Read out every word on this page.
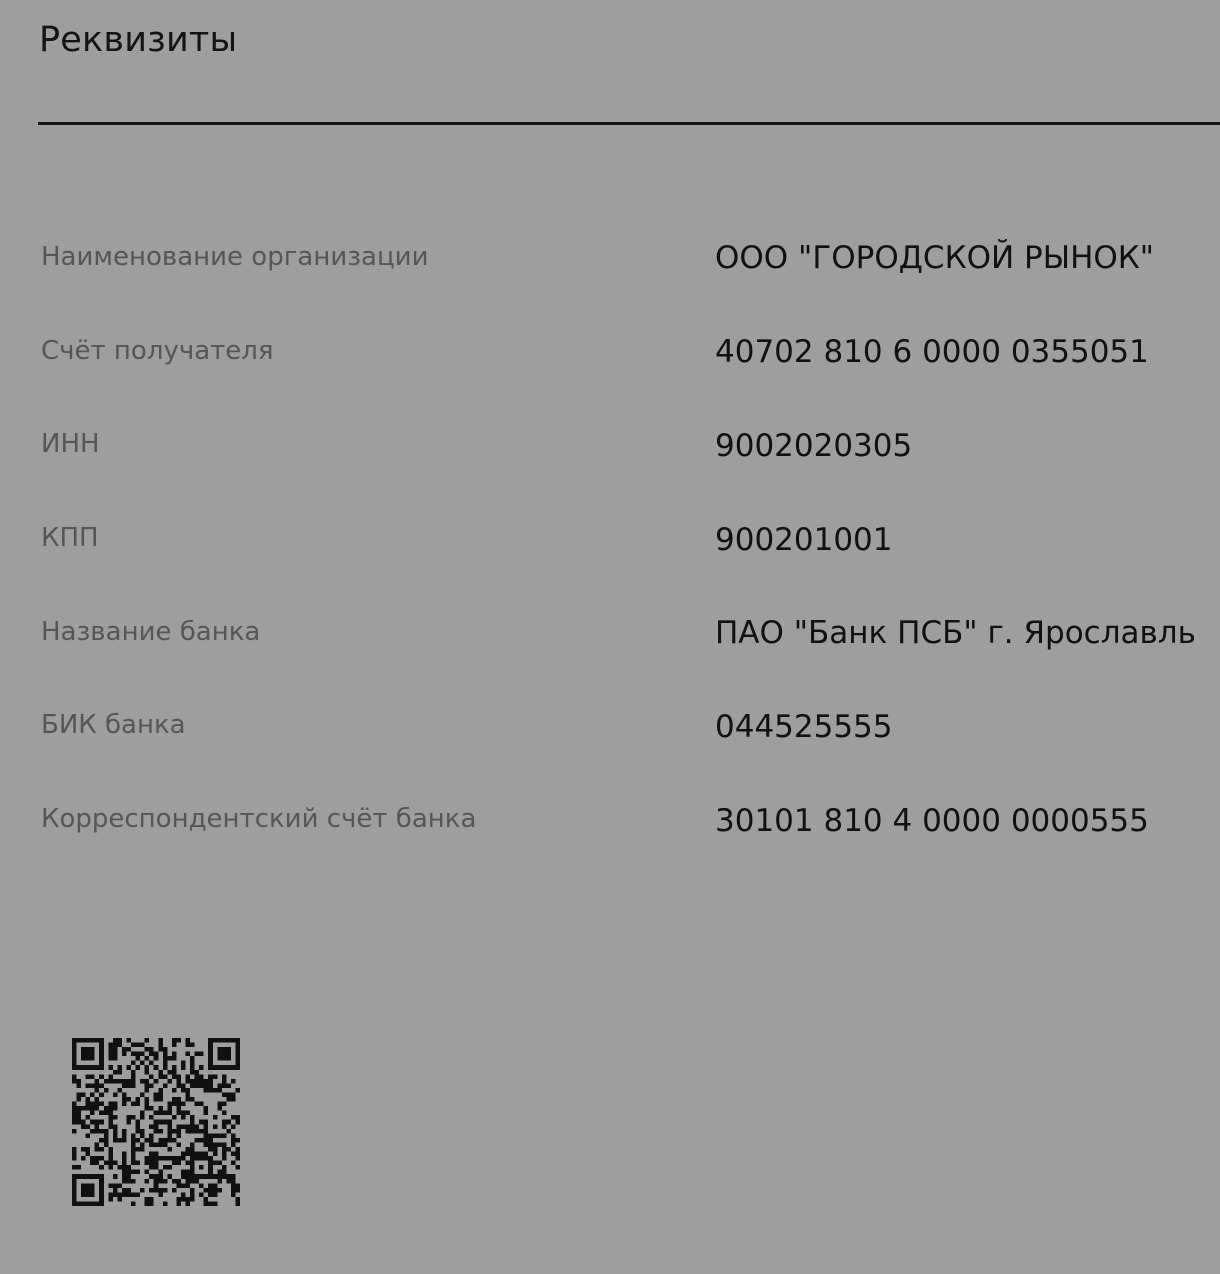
Реквизиты
Наименование организации	ООО "ГОРОДСКОЙ РЫНОК"
Счёт получателя	40702 810 6 0000 0355051
ИНН	9002020305
КПП	900201001
Название банка	ПАО "Банк ПСБ" г. Ярославль
БИК банка	044525555
Корреспондентский счёт банка	30101 810 4 0000 0000555
